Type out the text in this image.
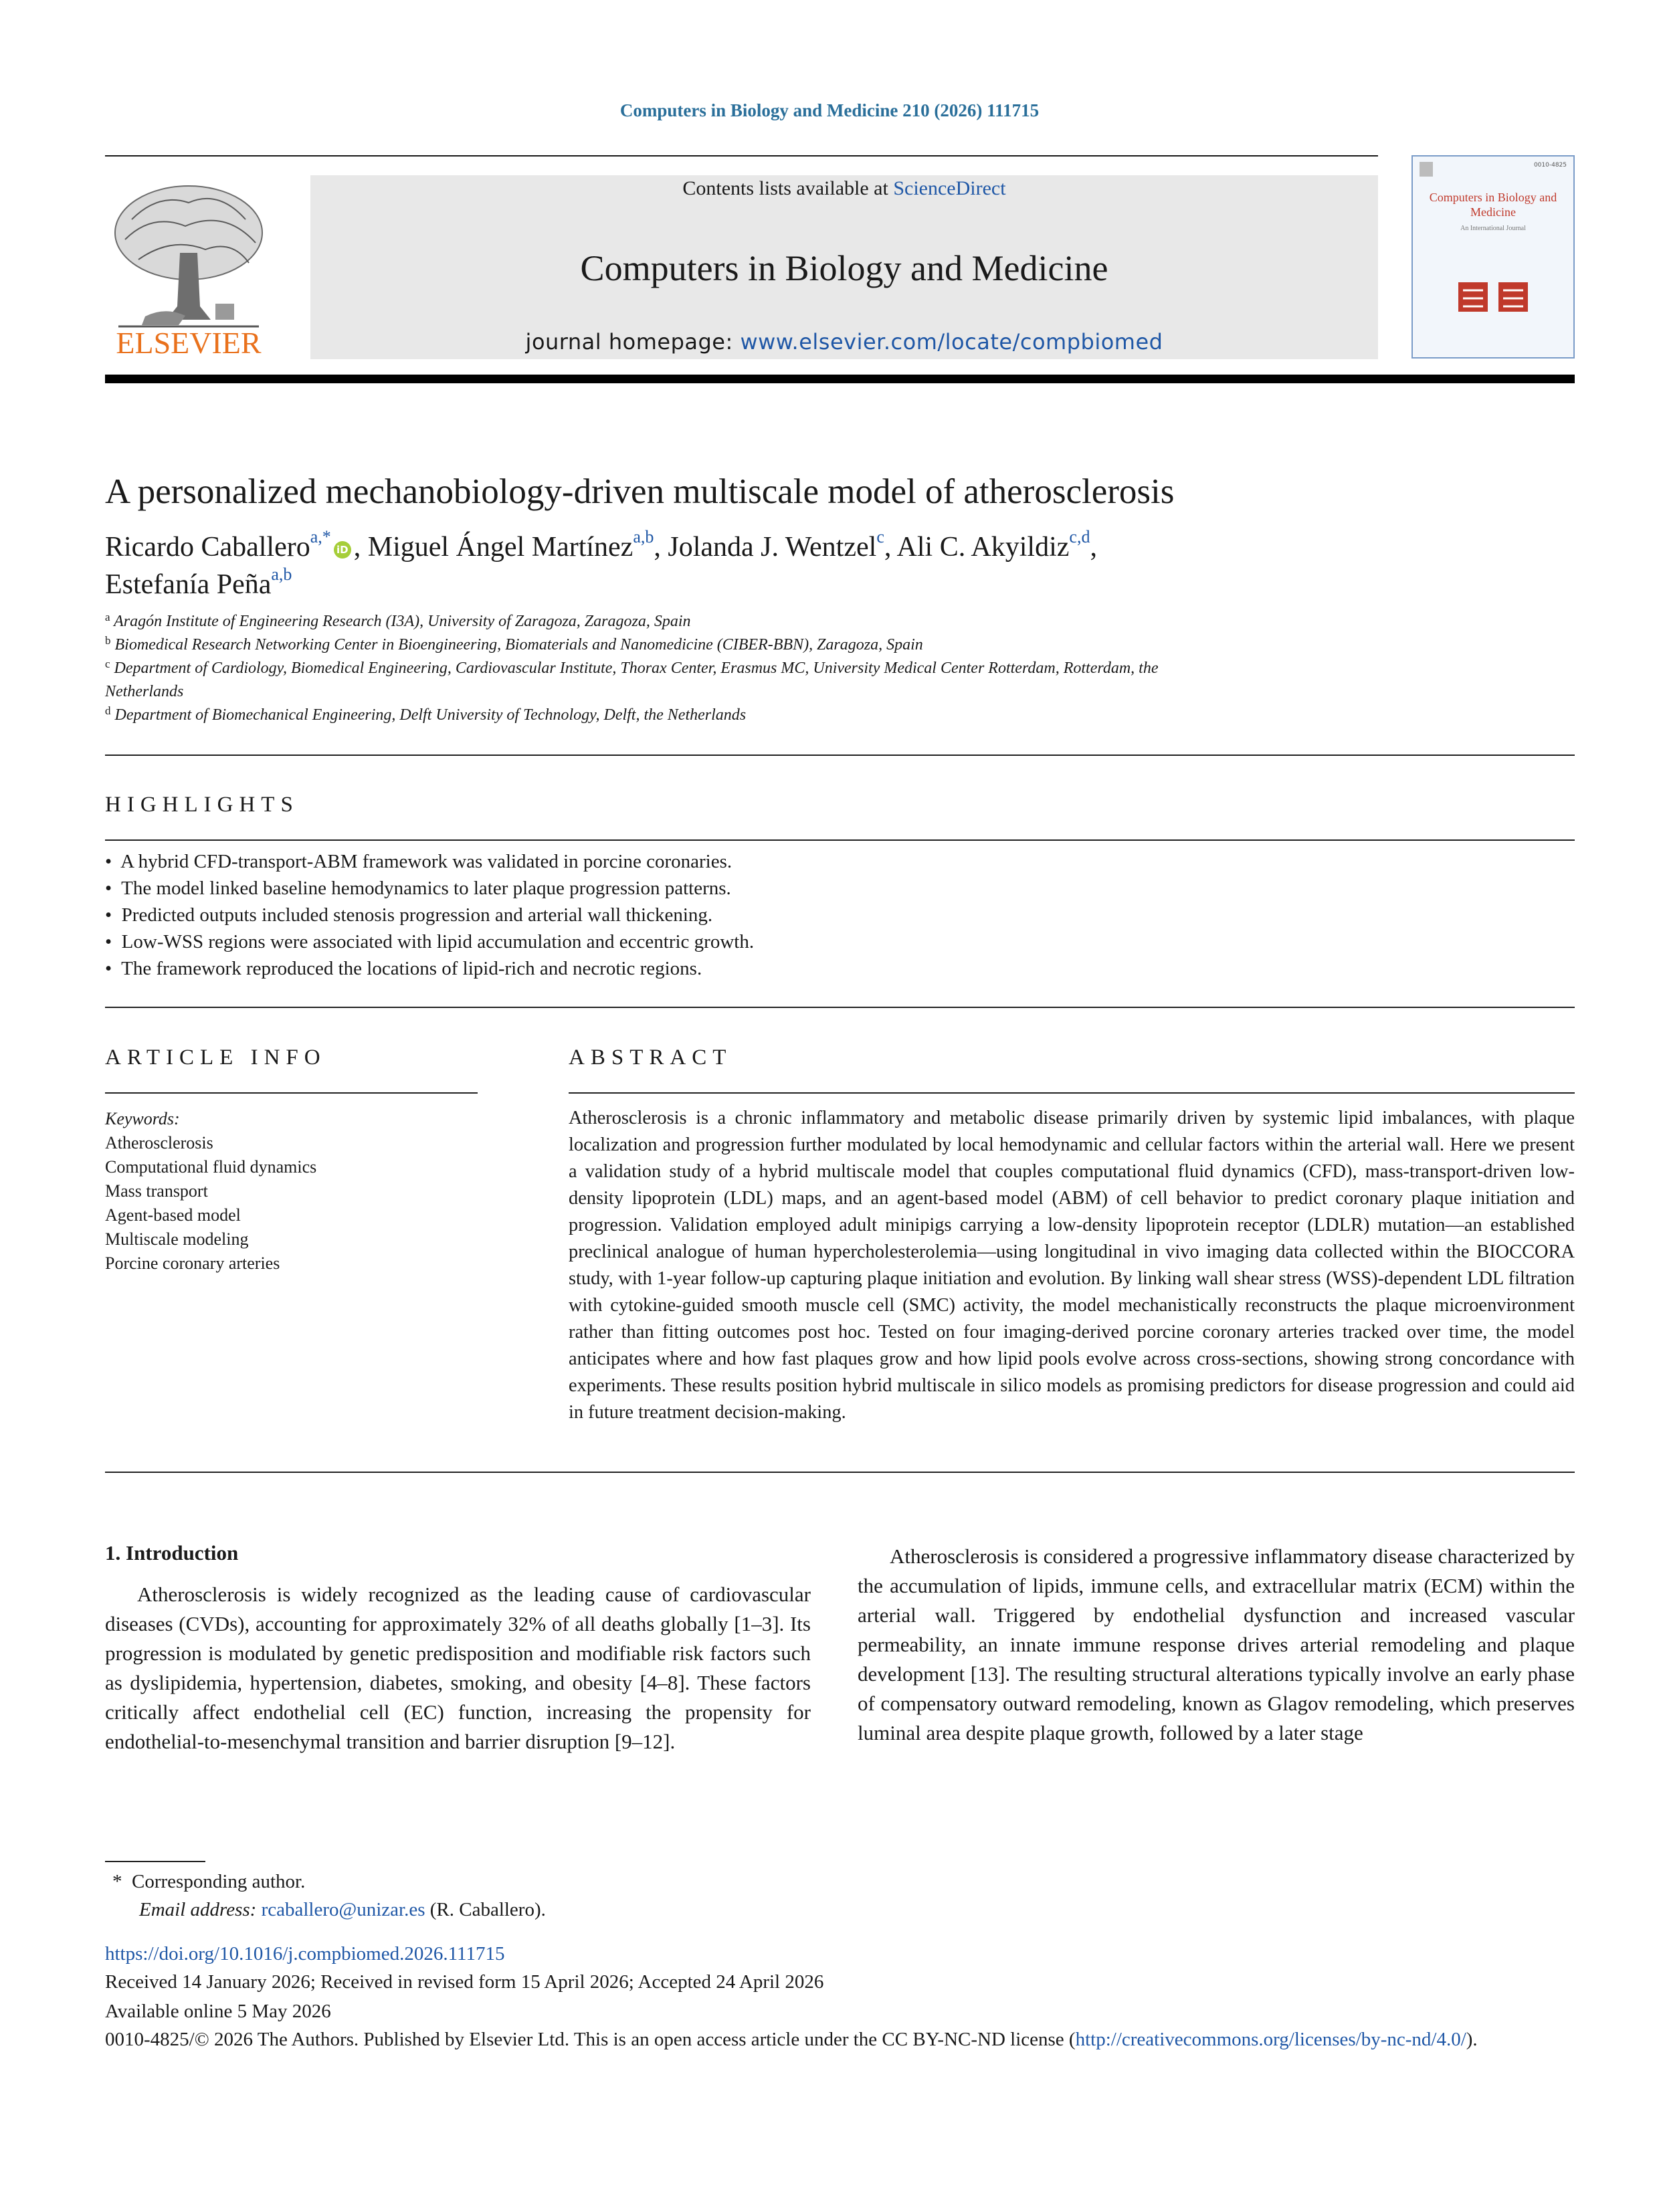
Computers in Biology and Medicine 210 (2026) 111715
ELSEVIER
Contents lists available at ScienceDirect
Computers in Biology and Medicine
journal homepage: www.elsevier.com/locate/compbiomed
0010-4825
Computers in Biology and Medicine
An International Journal
A personalized mechanobiology-driven multiscale model of atherosclerosis
Ricardo Caballero$^{a,*}$iD , Miguel Ángel Martínez$^{a,b}$, Jolanda J. Wentzel$^c$, Ali C. Akyildiz$^{c,d}$,
Estefanía Peña$^{a,b}$
$^a$ Aragón Institute of Engineering Research (I3A), University of Zaragoza, Zaragoza, Spain
$^b$ Biomedical Research Networking Center in Bioengineering, Biomaterials and Nanomedicine (CIBER-BBN), Zaragoza, Spain
$^c$ Department of Cardiology, Biomedical Engineering, Cardiovascular Institute, Thorax Center, Erasmus MC, University Medical Center Rotterdam, Rotterdam, the
Netherlands
$^d$ Department of Biomechanical Engineering, Delft University of Technology, Delft, the Netherlands
HIGHLIGHTS
•  A hybrid CFD-transport-ABM framework was validated in porcine coronaries.
•  The model linked baseline hemodynamics to later plaque progression patterns.
•  Predicted outputs included stenosis progression and arterial wall thickening.
•  Low-WSS regions were associated with lipid accumulation and eccentric growth.
•  The framework reproduced the locations of lipid-rich and necrotic regions.
ARTICLE INFO
Keywords:
Atherosclerosis
Computational fluid dynamics
Mass transport
Agent-based model
Multiscale modeling
Porcine coronary arteries
ABSTRACT
Atherosclerosis is a chronic inflammatory and metabolic disease primarily driven by systemic lipid imbalances, with plaque localization and progression further modulated by local hemodynamic and cellular factors within the arterial wall. Here we present a validation study of a hybrid multiscale model that couples computational fluid dynamics (CFD), mass-transport-driven low-density lipoprotein (LDL) maps, and an agent-based model (ABM) of cell behavior to predict coronary plaque initiation and progression. Validation employed adult minipigs carrying a low-density lipoprotein receptor (LDLR) mutation—an established preclinical analogue of human hypercholesterolemia—using longitudinal in vivo imaging data collected within the BIOCCORA study, with 1-year follow-up capturing plaque initiation and evolution. By linking wall shear stress (WSS)-dependent LDL filtration with cytokine-guided smooth muscle cell (SMC) activity, the model mechanistically reconstructs the plaque microenvironment rather than fitting outcomes post hoc. Tested on four imaging-derived porcine coronary arteries tracked over time, the model anticipates where and how fast plaques grow and how lipid pools evolve across cross-sections, showing strong concordance with experiments. These results position hybrid multiscale in silico models as promising predictors for disease progression and could aid in future treatment decision-making.
1. Introduction

Atherosclerosis is widely recognized as the leading cause of cardiovascular diseases (CVDs), accounting for approximately 32% of all deaths globally [1–3]. Its progression is modulated by genetic predisposition and modifiable risk factors such as dyslipidemia, hypertension, diabetes, smoking, and obesity [4–8]. These factors critically affect endothelial cell (EC) function, increasing the propensity for endothelial-to-mesenchymal transition and barrier disruption [9–12].

Atherosclerosis is considered a progressive inflammatory disease characterized by the accumulation of lipids, immune cells, and extracellular matrix (ECM) within the arterial wall. Triggered by endothelial dysfunction and increased vascular permeability, an innate immune response drives arterial remodeling and plaque development [13]. The resulting structural alterations typically involve an early phase of compensatory outward remodeling, known as Glagov remodeling, which preserves luminal area despite plaque growth, followed by a later stage

* Corresponding author.
Email address: rcaballero@unizar.es (R. Caballero).
https://doi.org/10.1016/j.compbiomed.2026.111715
Received 14 January 2026; Received in revised form 15 April 2026; Accepted 24 April 2026
Available online 5 May 2026
0010-4825/© 2026 The Authors. Published by Elsevier Ltd. This is an open access article under the CC BY-NC-ND license (http://creativecommons.org/licenses/by-nc-nd/4.0/).
